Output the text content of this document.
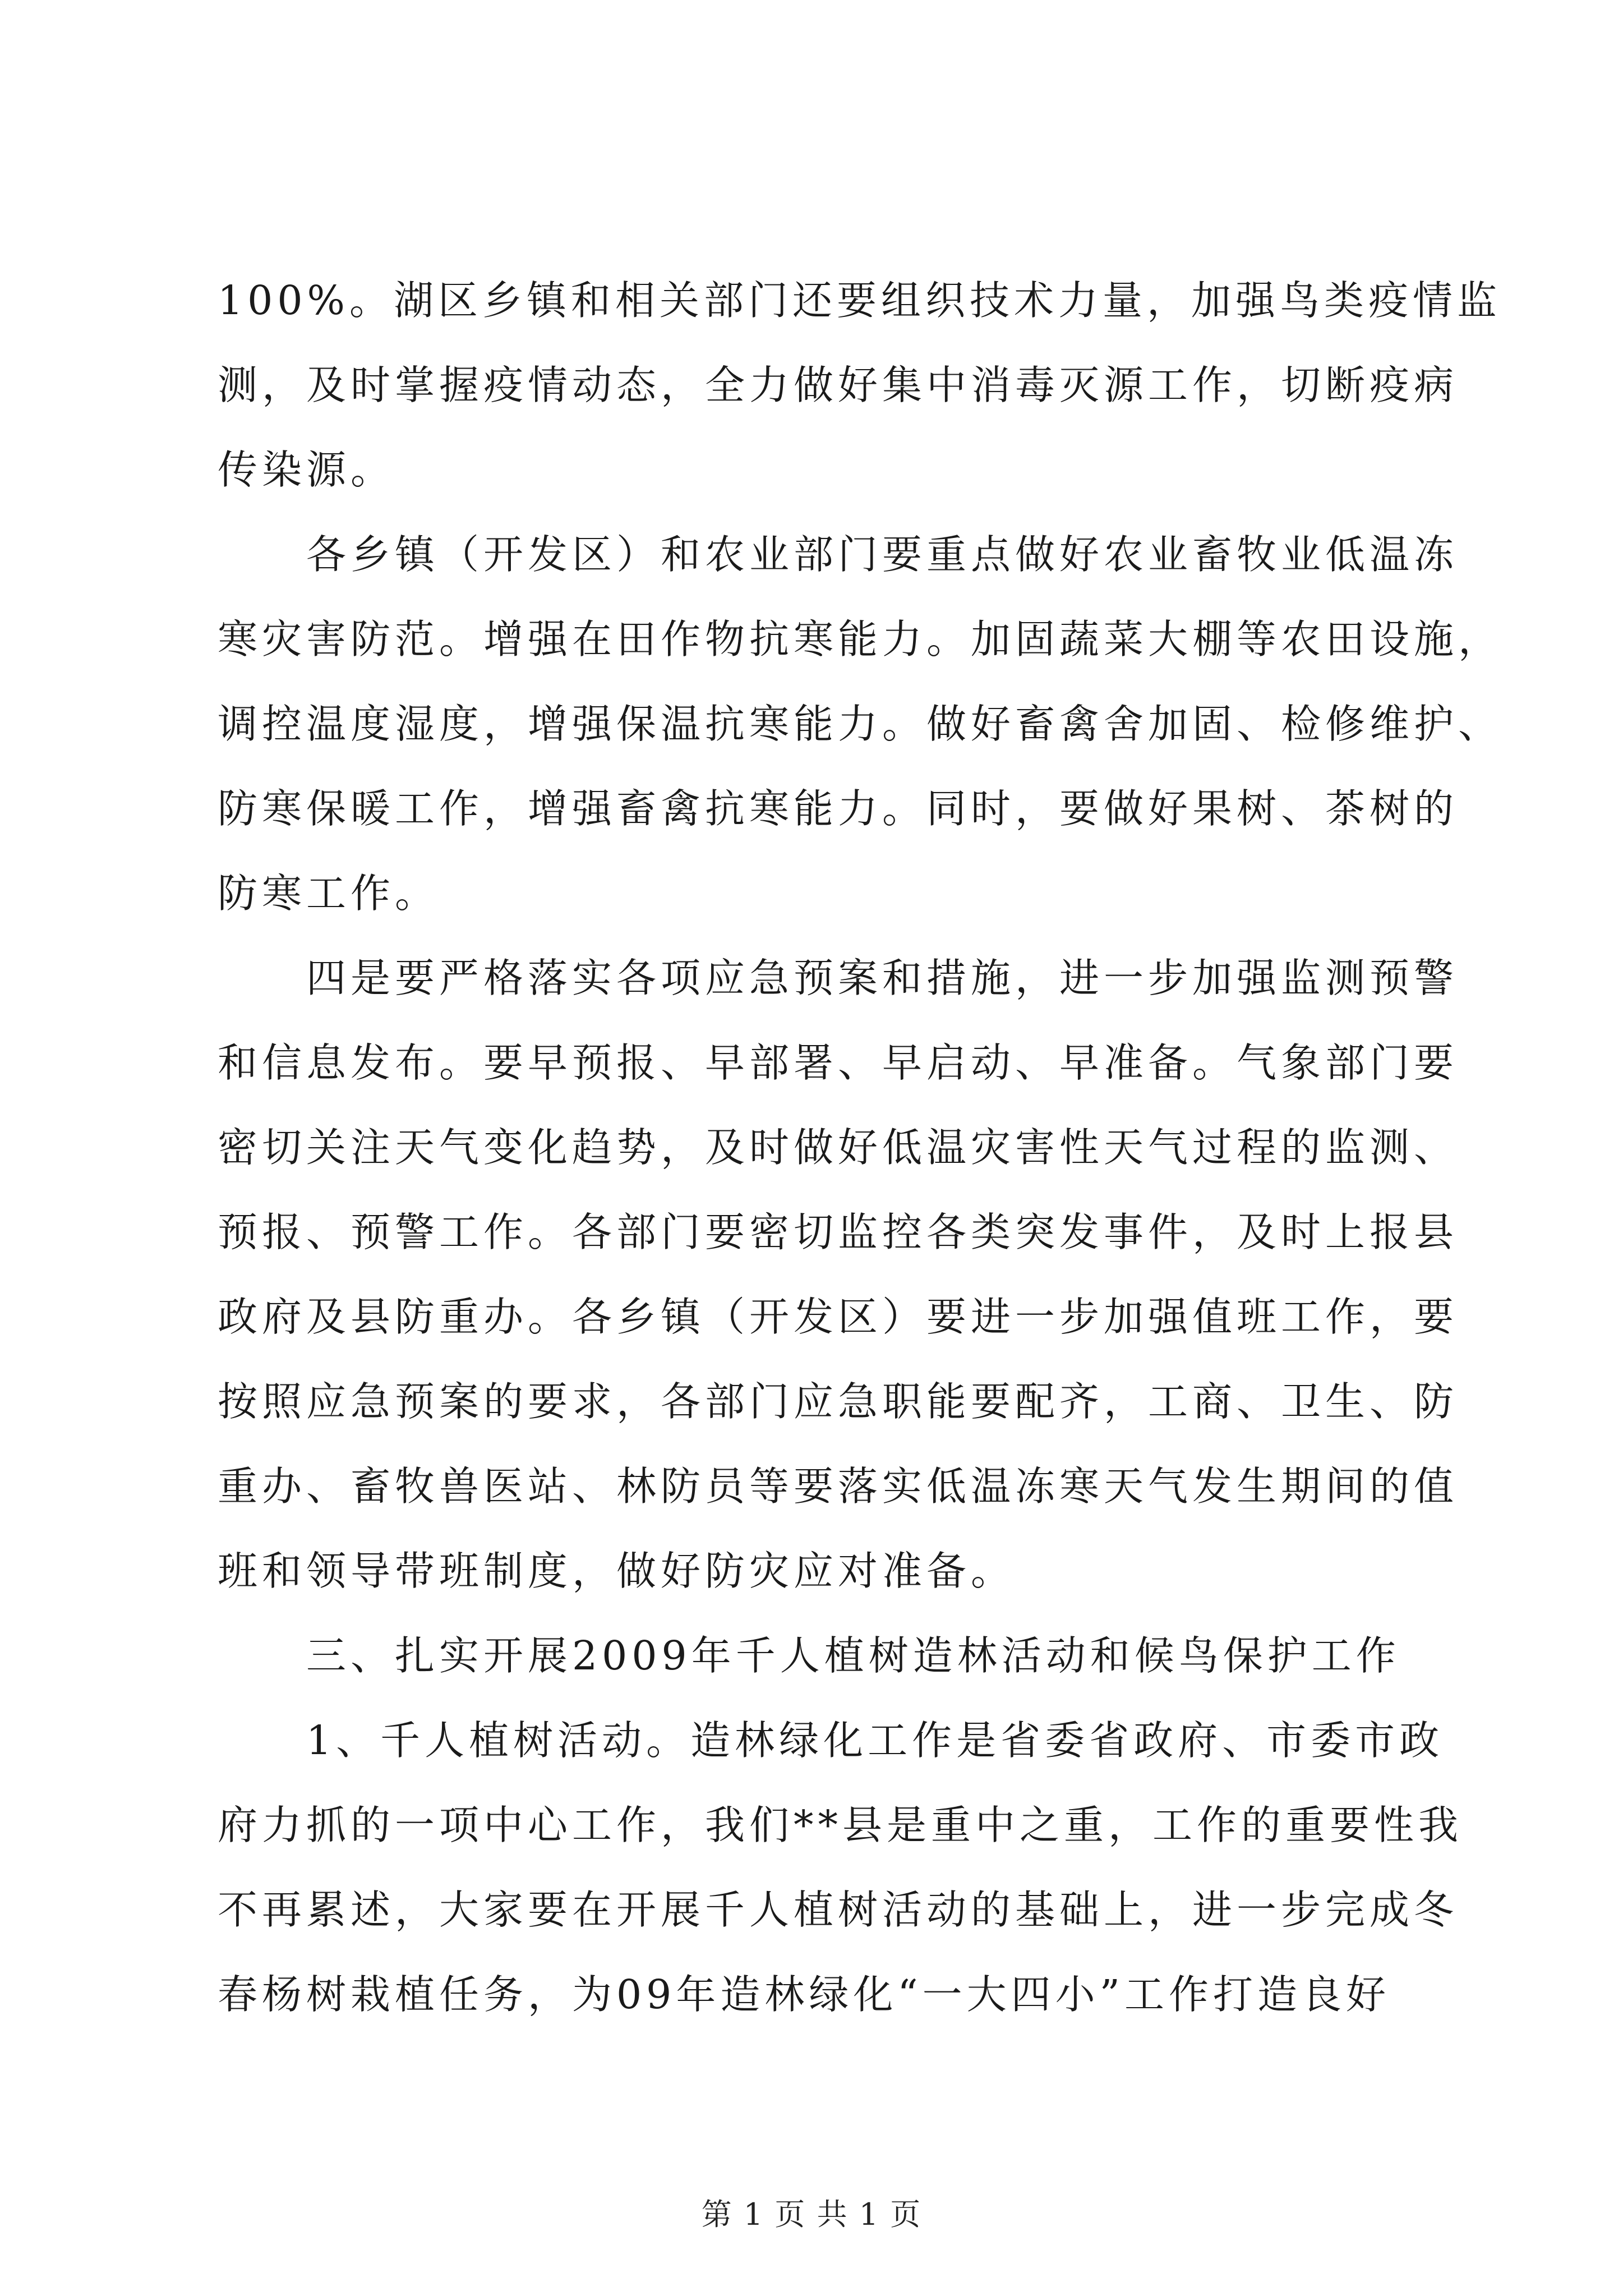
100%。湖区乡镇和相关部门还要组织技术力量，加强鸟类疫情监
测，及时掌握疫情动态，全力做好集中消毒灭源工作，切断疫病
传染源。
　　各乡镇（开发区）和农业部门要重点做好农业畜牧业低温冻
寒灾害防范。增强在田作物抗寒能力。加固蔬菜大棚等农田设施，
调控温度湿度，增强保温抗寒能力。做好畜禽舍加固、检修维护、
防寒保暖工作，增强畜禽抗寒能力。同时，要做好果树、茶树的
防寒工作。
　　四是要严格落实各项应急预案和措施，进一步加强监测预警
和信息发布。要早预报、早部署、早启动、早准备。气象部门要
密切关注天气变化趋势，及时做好低温灾害性天气过程的监测、
预报、预警工作。各部门要密切监控各类突发事件，及时上报县
政府及县防重办。各乡镇（开发区）要进一步加强值班工作，要
按照应急预案的要求，各部门应急职能要配齐，工商、卫生、防
重办、畜牧兽医站、林防员等要落实低温冻寒天气发生期间的值
班和领导带班制度，做好防灾应对准备。
　　三、扎实开展2009年千人植树造林活动和候鸟保护工作
　　1、千人植树活动。造林绿化工作是省委省政府、市委市政
府力抓的一项中心工作，我们**县是重中之重，工作的重要性我
不再累述，大家要在开展千人植树活动的基础上，进一步完成冬
春杨树栽植任务，为09年造林绿化“一大四小”工作打造良好
第 1 页 共 1 页
